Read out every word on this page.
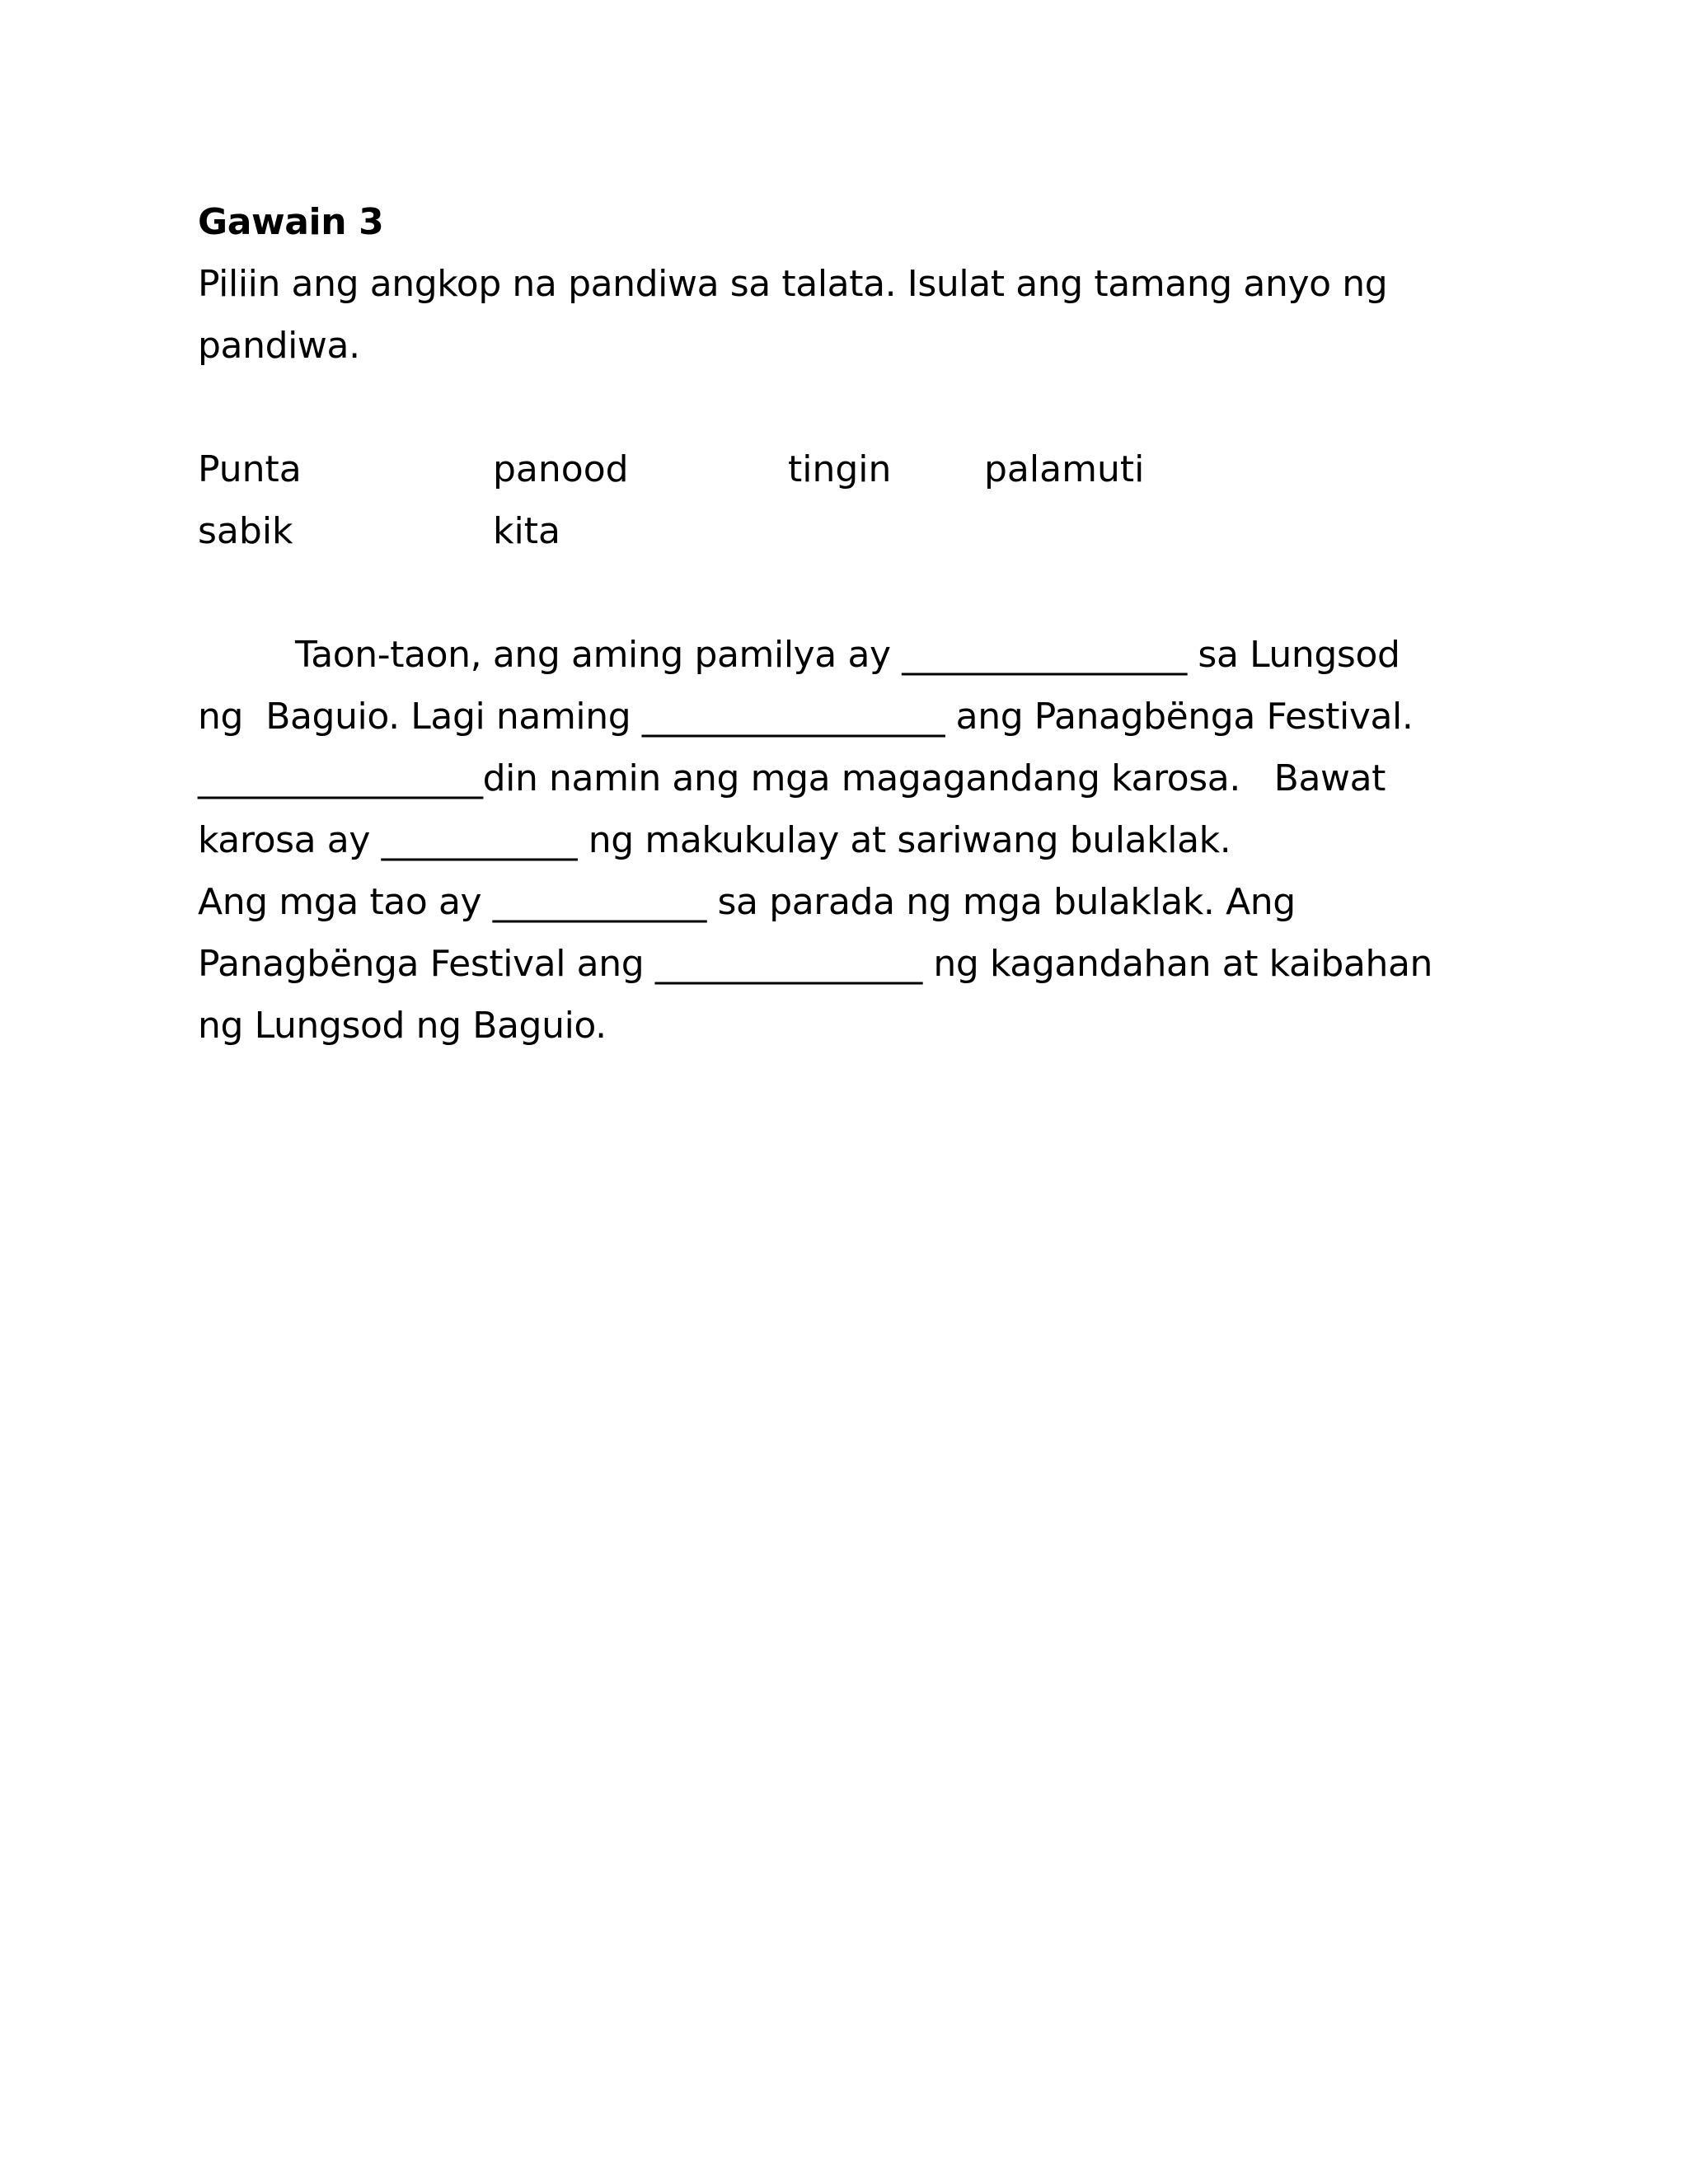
Gawain 3
Piliin ang angkop na pandiwa sa talata. Isulat ang tamang anyo ng
pandiwa.
Punta	panood	tingin	palamuti
sabik	kita
Taon-taon, ang aming pamilya ay ________________ sa Lungsod
ng  Baguio. Lagi naming _________________ ang Panagbënga Festival.
________________din namin ang mga magagandang karosa.   Bawat
karosa ay ___________ ng makukulay at sariwang bulaklak.
Ang mga tao ay ____________ sa parada ng mga bulaklak. Ang
Panagbënga Festival ang _______________ ng kagandahan at kaibahan
ng Lungsod ng Baguio.
